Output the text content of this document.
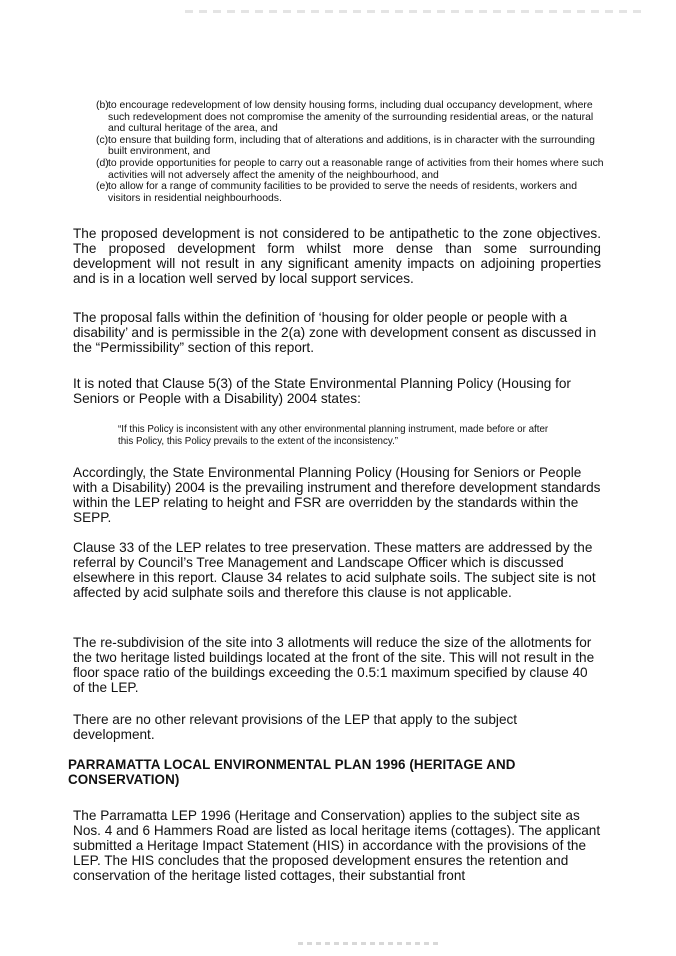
(b) to encourage redevelopment of low density housing forms, including dual occupancy development, where such redevelopment does not compromise the amenity of the surrounding residential areas, or the natural and cultural heritage of the area, and
(c) to ensure that building form, including that of alterations and additions, is in character with the surrounding built environment, and
(d) to provide opportunities for people to carry out a reasonable range of activities from their homes where such activities will not adversely affect the amenity of the neighbourhood, and
(e) to allow for a range of community facilities to be provided to serve the needs of residents, workers and visitors in residential neighbourhoods.

The proposed development is not considered to be antipathetic to the zone objectives. The proposed development form whilst more dense than some surrounding development will not result in any significant amenity impacts on adjoining properties and is in a location well served by local support services.

The proposal falls within the definition of ‘housing for older people or people with a disability’ and is permissible in the 2(a) zone with development consent as discussed in the “Permissibility” section of this report.

It is noted that Clause 5(3) of the State Environmental Planning Policy (Housing for Seniors or People with a Disability) 2004 states:

“If this Policy is inconsistent with any other environmental planning instrument, made before or after this Policy, this Policy prevails to the extent of the inconsistency.”

Accordingly, the State Environmental Planning Policy (Housing for Seniors or People with a Disability) 2004 is the prevailing instrument and therefore development standards within the LEP relating to height and FSR are overridden by the standards within the SEPP.

Clause 33 of the LEP relates to tree preservation. These matters are addressed by the referral by Council’s Tree Management and Landscape Officer which is discussed elsewhere in this report. Clause 34 relates to acid sulphate soils. The subject site is not affected by acid sulphate soils and therefore this clause is not applicable.

The re-subdivision of the site into 3 allotments will reduce the size of the allotments for the two heritage listed buildings located at the front of the site. This will not result in the floor space ratio of the buildings exceeding the 0.5:1 maximum specified by clause 40 of the LEP.

There are no other relevant provisions of the LEP that apply to the subject development.

PARRAMATTA LOCAL ENVIRONMENTAL PLAN 1996 (HERITAGE AND CONSERVATION)

The Parramatta LEP 1996 (Heritage and Conservation) applies to the subject site as Nos. 4 and 6 Hammers Road are listed as local heritage items (cottages). The applicant submitted a Heritage Impact Statement (HIS) in accordance with the provisions of the LEP. The HIS concludes that the proposed development ensures the retention and conservation of the heritage listed cottages, their substantial front
